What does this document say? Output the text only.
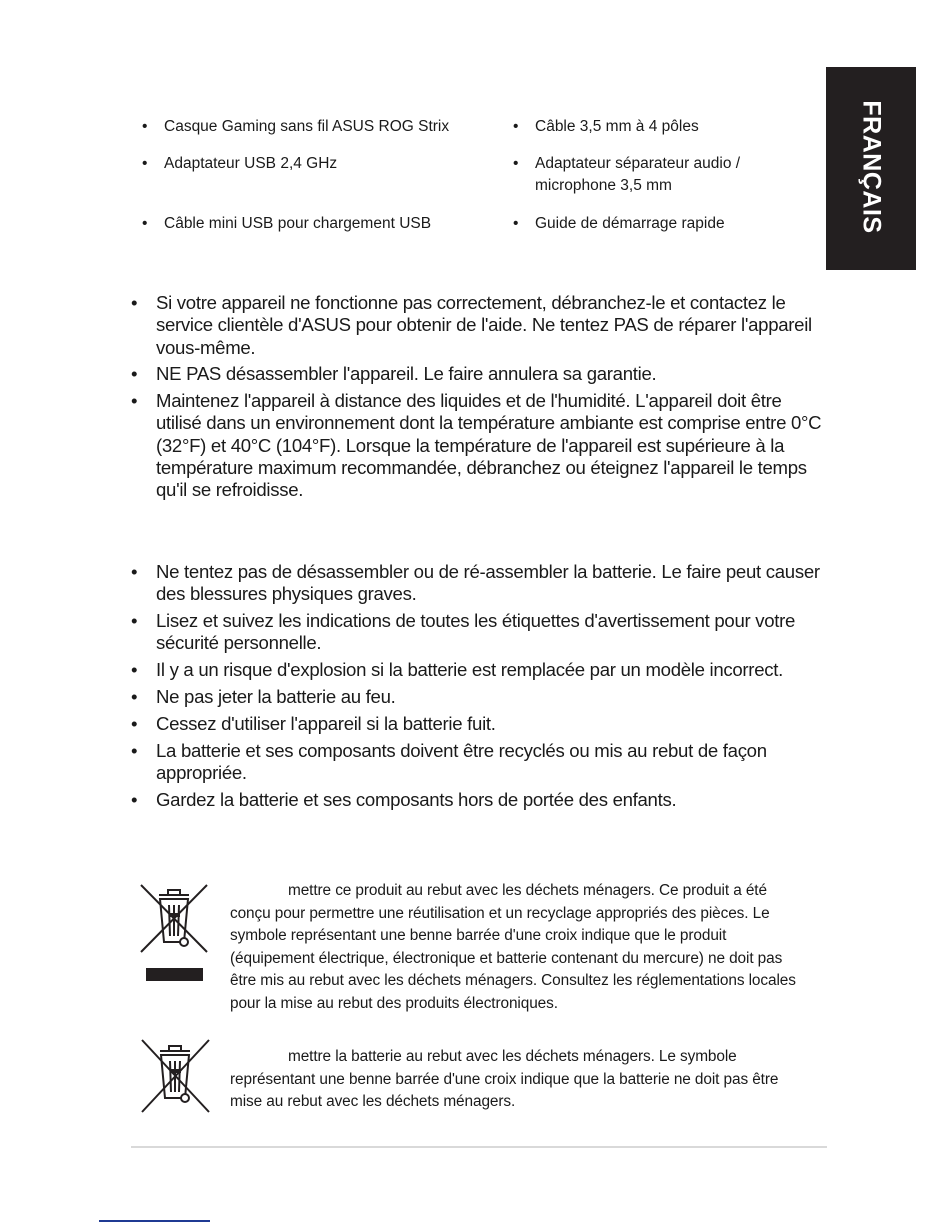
FRANÇAIS
• Casque Gaming sans fil ASUS ROG Strix
• Adaptateur USB 2,4 GHz
• Câble mini USB pour chargement USB
• Câble 3,5 mm à 4 pôles
• Adaptateur séparateur audio /
microphone 3,5 mm
• Guide de démarrage rapide
• Si votre appareil ne fonctionne pas correctement, débranchez-le et contactez le service clientèle d'ASUS pour obtenir de l'aide. Ne tentez PAS de réparer l'appareil vous-même.
• NE PAS désassembler l'appareil. Le faire annulera sa garantie.
• Maintenez l'appareil à distance des liquides et de l'humidité. L'appareil doit être utilisé dans un environnement dont la température ambiante est comprise entre 0°C (32°F) et 40°C (104°F). Lorsque la température de l'appareil est supérieure à la température maximum recommandée, débranchez ou éteignez l'appareil le temps qu'il se refroidisse.
• Ne tentez pas de désassembler ou de ré-assembler la batterie. Le faire peut causer des blessures physiques graves.
• Lisez et suivez les indications de toutes les étiquettes d'avertissement pour votre sécurité personnelle.
• Il y a un risque d'explosion si la batterie est remplacée par un modèle incorrect.
• Ne pas jeter la batterie au feu.
• Cessez d'utiliser l'appareil si la batterie fuit.
• La batterie et ses composants doivent être recyclés ou mis au rebut de façon appropriée.
• Gardez la batterie et ses composants hors de portée des enfants.
mettre ce produit au rebut avec les déchets ménagers. Ce produit a été conçu pour permettre une réutilisation et un recyclage appropriés des pièces. Le symbole représentant une benne barrée d'une croix indique que le produit (équipement électrique, électronique et batterie contenant du mercure) ne doit pas être mis au rebut avec les déchets ménagers. Consultez les réglementations locales pour la mise au rebut des produits électroniques.
mettre la batterie au rebut avec les déchets ménagers. Le symbole représentant une benne barrée d'une croix indique que la batterie ne doit pas être mise au rebut avec les déchets ménagers.
